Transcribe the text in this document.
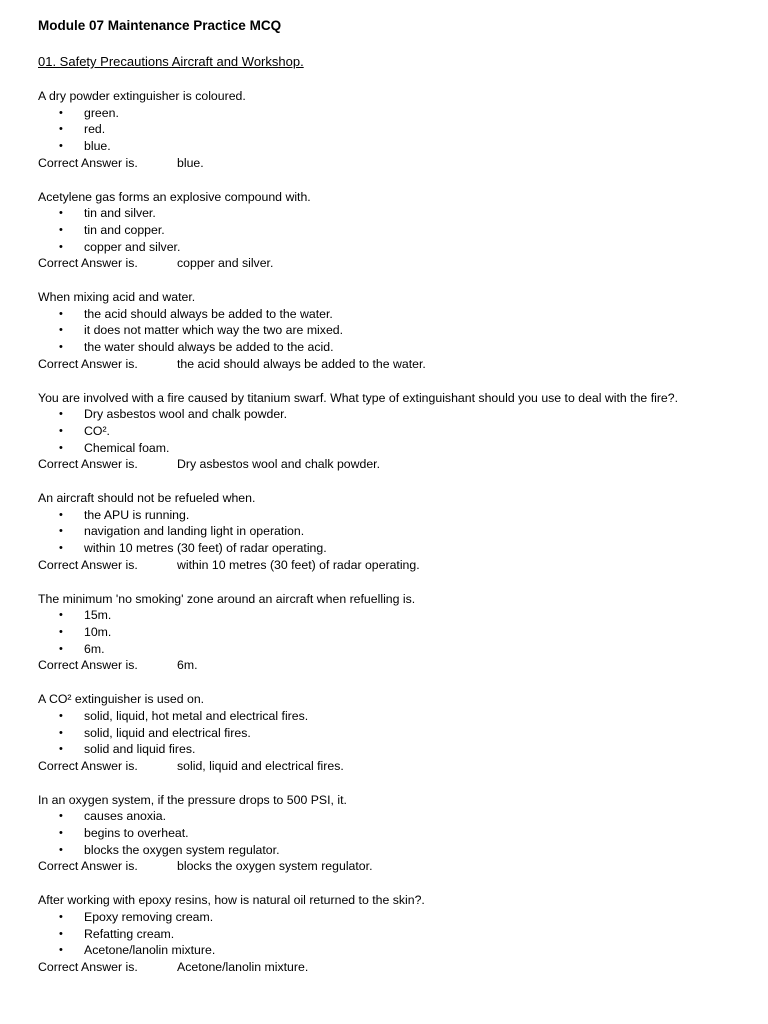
Module 07 Maintenance Practice MCQ
01. Safety Precautions Aircraft and Workshop.
A dry powder extinguisher is coloured.
• green.
• red.
• blue.
Correct Answer is.	blue.
Acetylene gas forms an explosive compound with.
• tin and silver.
• tin and copper.
• copper and silver.
Correct Answer is.	copper and silver.
When mixing acid and water.
• the acid should always be added to the water.
• it does not matter which way the two are mixed.
• the water should always be added to the acid.
Correct Answer is.	the acid should always be added to the water.
You are involved with a fire caused by titanium swarf. What type of extinguishant should you use to deal with the fire?.
• Dry asbestos wool and chalk powder.
• CO².
• Chemical foam.
Correct Answer is.	Dry asbestos wool and chalk powder.
An aircraft should not be refueled when.
• the APU is running.
• navigation and landing light in operation.
• within 10 metres (30 feet) of radar operating.
Correct Answer is.	within 10 metres (30 feet) of radar operating.
The minimum 'no smoking' zone around an aircraft when refuelling is.
• 15m.
• 10m.
• 6m.
Correct Answer is.	6m.
A CO² extinguisher is used on.
• solid, liquid, hot metal and electrical fires.
• solid, liquid and electrical fires.
• solid and liquid fires.
Correct Answer is.	solid, liquid and electrical fires.
In an oxygen system, if the pressure drops to 500 PSI, it.
• causes anoxia.
• begins to overheat.
• blocks the oxygen system regulator.
Correct Answer is.	blocks the oxygen system regulator.
After working with epoxy resins, how is natural oil returned to the skin?.
• Epoxy removing cream.
• Refatting cream.
• Acetone/lanolin mixture.
Correct Answer is.	Acetone/lanolin mixture.
